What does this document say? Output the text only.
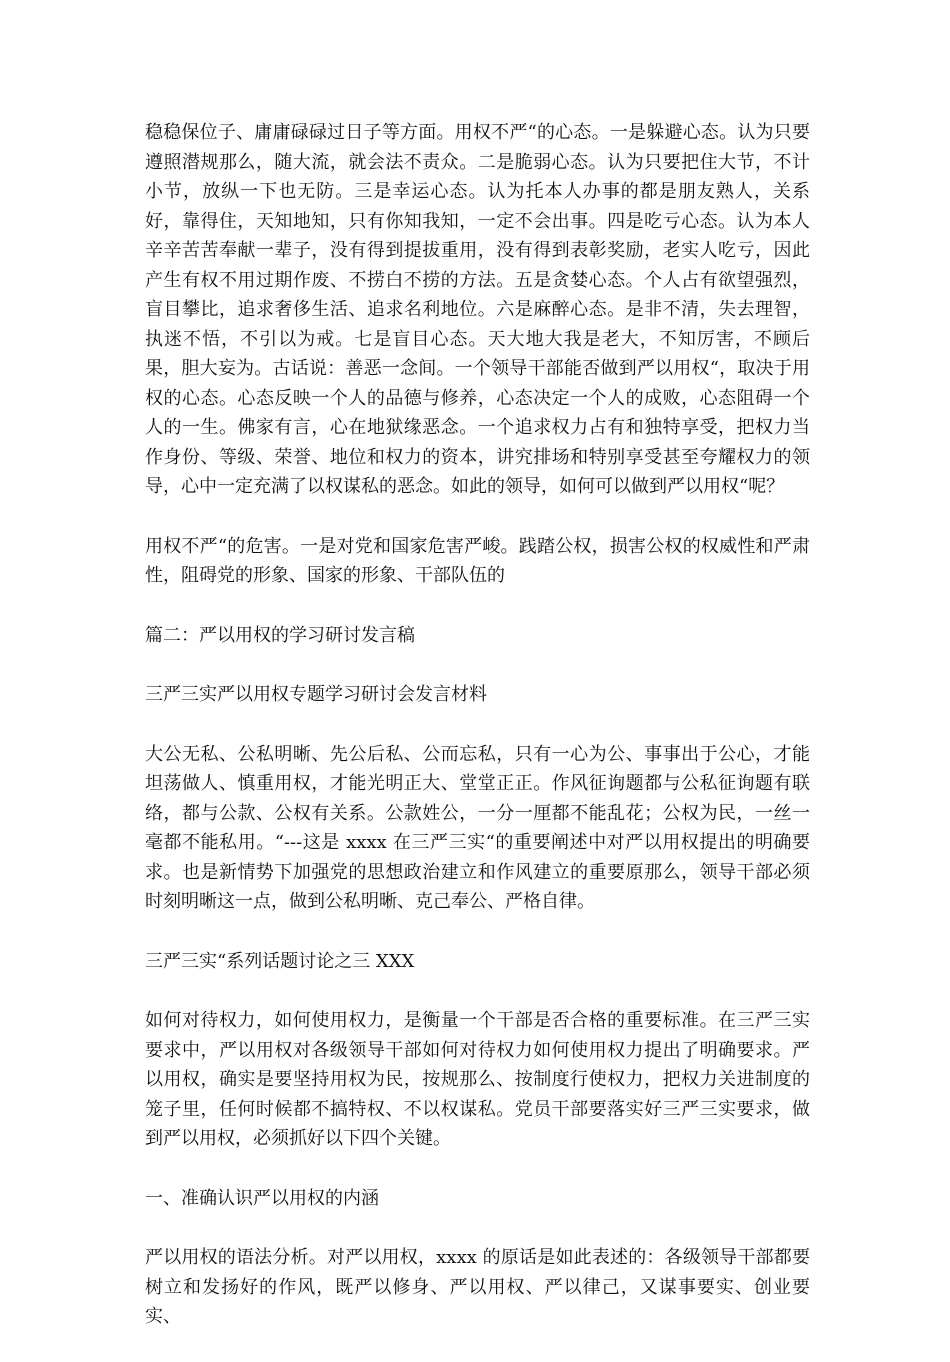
稳稳保位子、庸庸碌碌过日子等方面。用权不严“的心态。一是躲避心态。认为只要遵照潜规那么，随大流，就会法不责众。二是脆弱心态。认为只要把住大节，不计小节，放纵一下也无防。三是幸运心态。认为托本人办事的都是朋友熟人，关系好，靠得住，天知地知，只有你知我知，一定不会出事。四是吃亏心态。认为本人辛辛苦苦奉献一辈子，没有得到提拔重用，没有得到表彰奖励，老实人吃亏，因此产生有权不用过期作废、不捞白不捞的方法。五是贪婪心态。个人占有欲望强烈，盲目攀比，追求奢侈生活、追求名利地位。六是麻醉心态。是非不清，失去理智，执迷不悟，不引以为戒。七是盲目心态。天大地大我是老大，不知厉害，不顾后果，胆大妄为。古话说：善恶一念间。一个领导干部能否做到严以用权“，取决于用权的心态。心态反映一个人的品德与修养，心态决定一个人的成败，心态阻碍一个人的一生。佛家有言，心在地狱缘恶念。一个追求权力占有和独特享受，把权力当作身份、等级、荣誉、地位和权力的资本，讲究排场和特别享受甚至夸耀权力的领导，心中一定充满了以权谋私的恶念。如此的领导，如何可以做到严以用权“呢？

用权不严“的危害。一是对党和国家危害严峻。践踏公权，损害公权的权威性和严肃性，阻碍党的形象、国家的形象、干部队伍的

篇二：严以用权的学习研讨发言稿

三严三实严以用权专题学习研讨会发言材料

大公无私、公私明晰、先公后私、公而忘私，只有一心为公、事事出于公心，才能坦荡做人、慎重用权，才能光明正大、堂堂正正。作风征询题都与公私征询题有联络，都与公款、公权有关系。公款姓公，一分一厘都不能乱花；公权为民，一丝一毫都不能私用。“---这是 xxxx 在三严三实“的重要阐述中对严以用权提出的明确要求。也是新情势下加强党的思想政治建立和作风建立的重要原那么，领导干部必须时刻明晰这一点，做到公私明晰、克己奉公、严格自律。

三严三实“系列话题讨论之三 XXX

如何对待权力，如何使用权力，是衡量一个干部是否合格的重要标准。在三严三实要求中，严以用权对各级领导干部如何对待权力如何使用权力提出了明确要求。严以用权，确实是要坚持用权为民，按规那么、按制度行使权力，把权力关进制度的笼子里，任何时候都不搞特权、不以权谋私。党员干部要落实好三严三实要求，做到严以用权，必须抓好以下四个关键。

一、准确认识严以用权的内涵

严以用权的语法分析。对严以用权，xxxx 的原话是如此表述的：各级领导干部都要树立和发扬好的作风，既严以修身、严以用权、严以律己，又谋事要实、创业要实、
